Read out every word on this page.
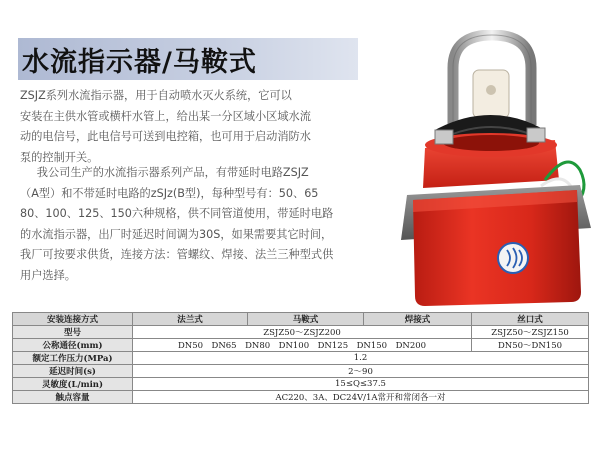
水流指示器/马鞍式
ZSJZ系列水流指示器，用于自动喷水灭火系统，它可以
安装在主供水管或横杆水管上，给出某一分区域小区域水流
动的电信号，此电信号可送到电控箱，也可用于启动消防水
泵的控制开关。
我公司生产的水流指示器系列产品，有带延时电路ZSJZ
（A型）和不带延时电路的zSJz(B型)，每种型号有：50、65
80、100、125、150六种规格，供不同管道使用，带延时电路
的水流指示器，出厂时延迟时间调为30S，如果需要其它时间，
我厂可按要求供货，连接方法：管螺纹、焊接、法兰三种型式供
用户选择。
安装连接方式	法兰式	马鞍式	焊接式	丝口式
型号	ZSJZ50～ZSJZ200			ZSJZ50～ZSJZ150
公称通径(mm)	DN50　DN65　DN80　DN100　DN125　DN150　DN200			DN50～DN150
额定工作压力(MPa)	1.2			
延迟时间(s)	2～90			
灵敏度(L/min)	15≤Q≤37.5			
触点容量	AC220、3A、DC24V/1A常开和常闭各一对			
